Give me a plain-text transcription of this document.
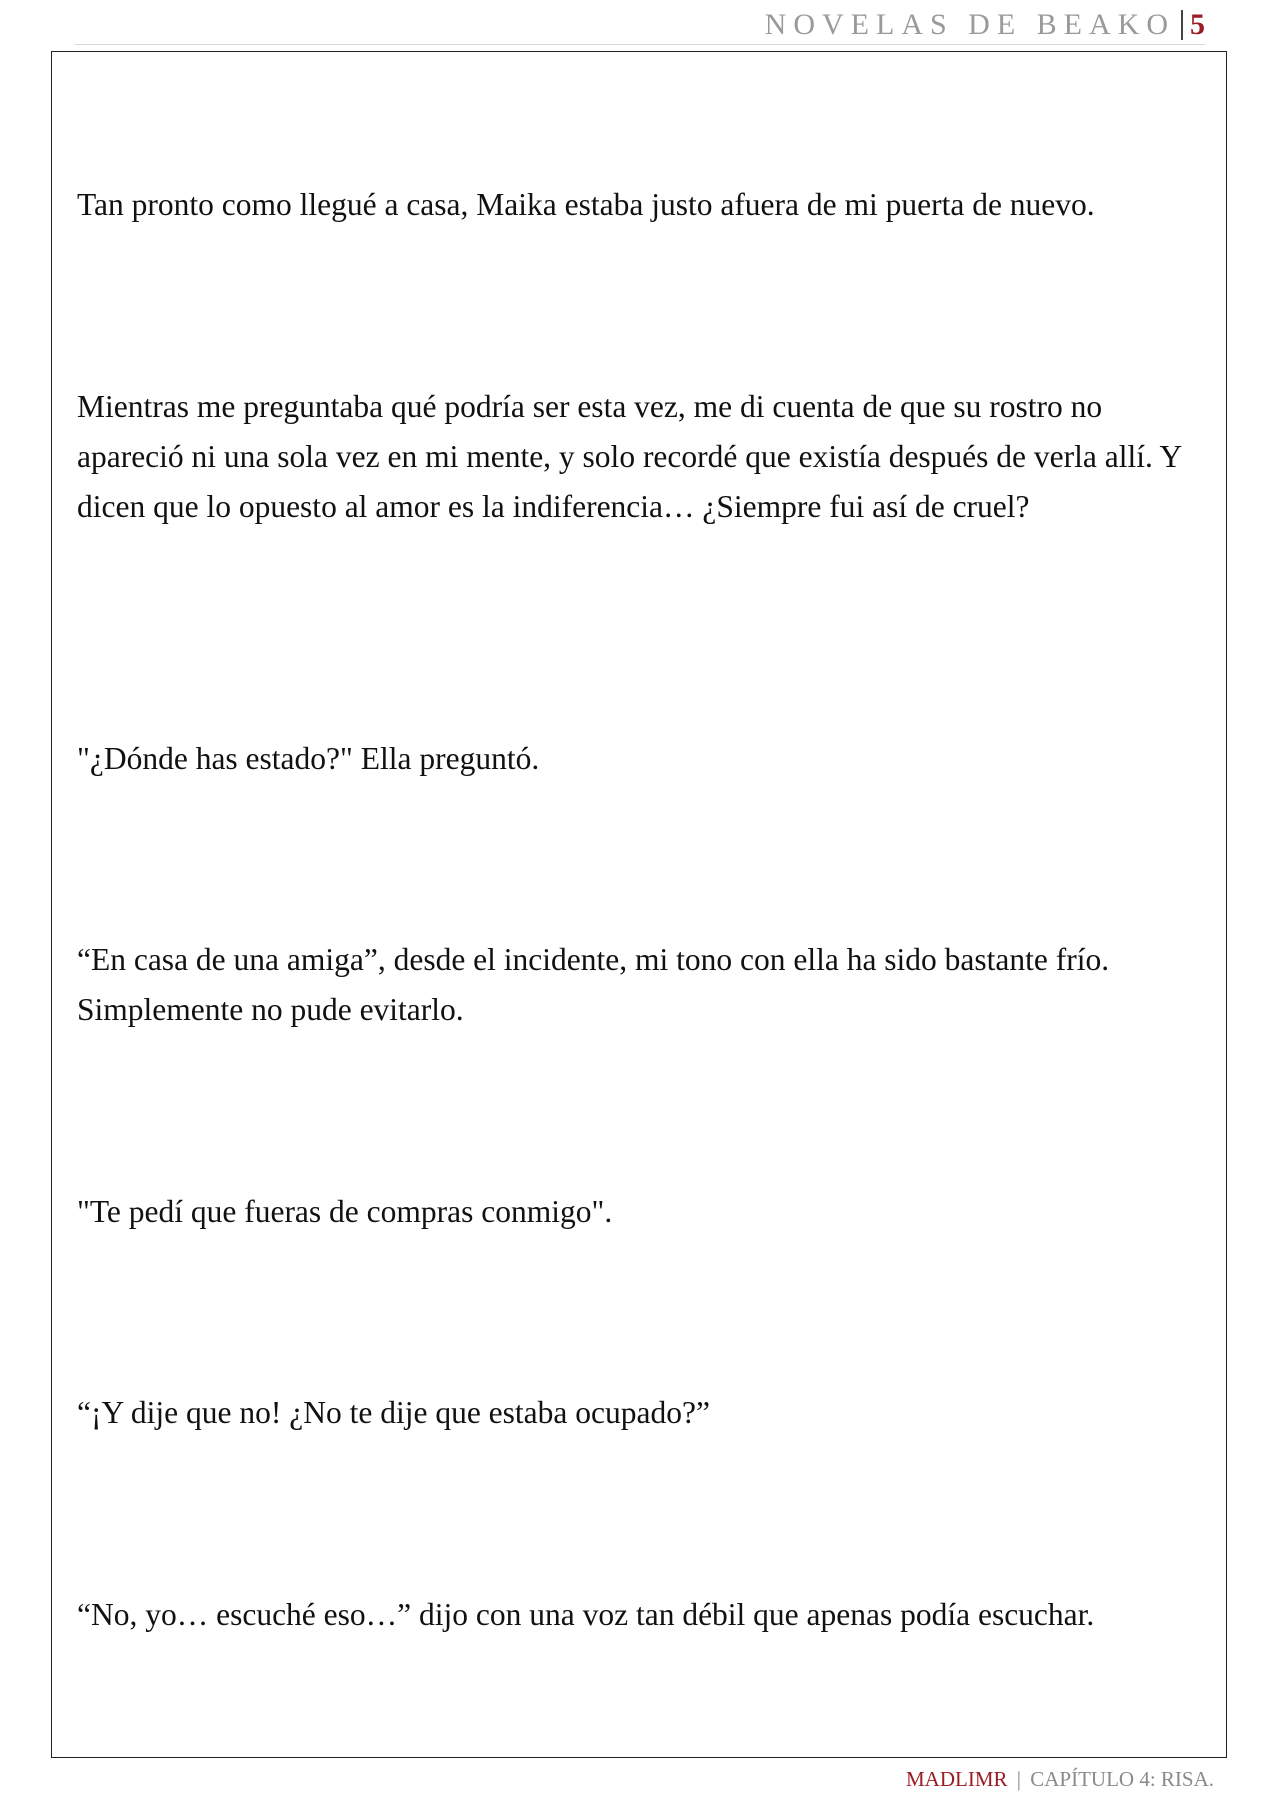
NOVELAS DE BEAKO 5

Tan pronto como llegué a casa, Maika estaba justo afuera de mi puerta de nuevo.

Mientras me preguntaba qué podría ser esta vez, me di cuenta de que su rostro no apareció ni una sola vez en mi mente, y solo recordé que existía después de verla allí. Y dicen que lo opuesto al amor es la indiferencia… ¿Siempre fui así de cruel?

"¿Dónde has estado?" Ella preguntó.

“En casa de una amiga”, desde el incidente, mi tono con ella ha sido bastante frío. Simplemente no pude evitarlo.

"Te pedí que fueras de compras conmigo".

“¡Y dije que no! ¿No te dije que estaba ocupado?”

“No, yo… escuché eso…” dijo con una voz tan débil que apenas podía escuchar.

MADLIMR | CAPÍTULO 4: RISA.
